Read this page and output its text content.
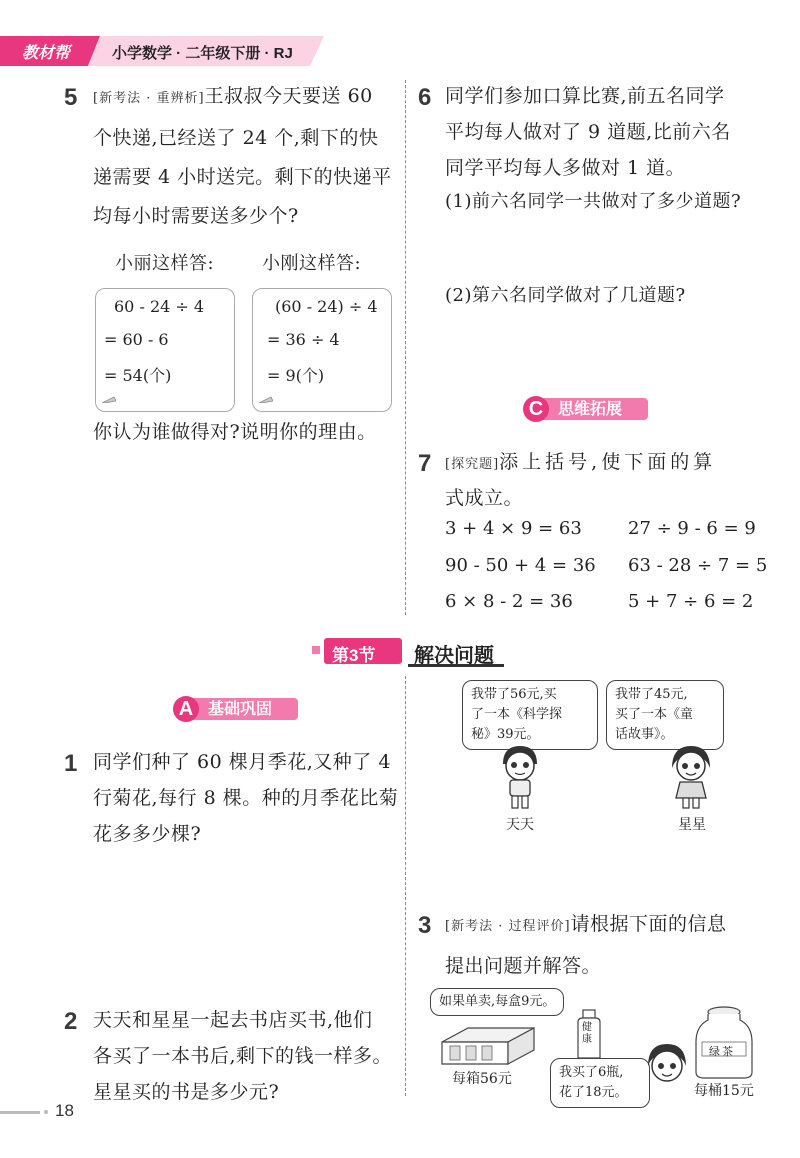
教材帮	小学数学 · 二年级下册 · RJ
5 [新考法 · 重辨析]王叔叔今天要送 60
个快递,已经送了 24 个,剩下的快
递需要 4 小时送完。剩下的快递平
均每小时需要送多少个?
小丽这样答:	小刚这样答:
60 - 24 ÷ 4
= 60 - 6
= 54(个)
(60 - 24) ÷ 4
= 36 ÷ 4
= 9(个)
你认为谁做得对?说明你的理由。
6 同学们参加口算比赛,前五名同学
平均每人做对了 9 道题,比前六名
同学平均每人多做对 1 道。
(1)前六名同学一共做对了多少道题?
(2)第六名同学做对了几道题?
思维拓展
C
7 [探究题]添上括号,使下面的算
式成立。
3 + 4 × 9 = 63	27 ÷ 9 - 6 = 9
90 - 50 + 4 = 36 63 - 28 ÷ 7 = 5
6 × 8 - 2 = 36	5 + 7 ÷ 6 = 2
第3节 解决问题
基础巩固
A
1 同学们种了 60 棵月季花,又种了 4
行菊花,每行 8 棵。种的月季花比菊
花多多少棵?
2 天天和星星一起去书店买书,他们
各买了一本书后,剩下的钱一样多。
星星买的书是多少元?
我带了56元,买
了一本《科学探
秘》39元。
我带了45元,
买了一本《童
话故事》。
天天	星星
3 [新考法 · 过程评价]请根据下面的信息
提出问题并解答。
如果单卖,每盒9元。
每箱56元
健康
我买了6瓶,
花了18元。
绿茶
每桶15元
18
